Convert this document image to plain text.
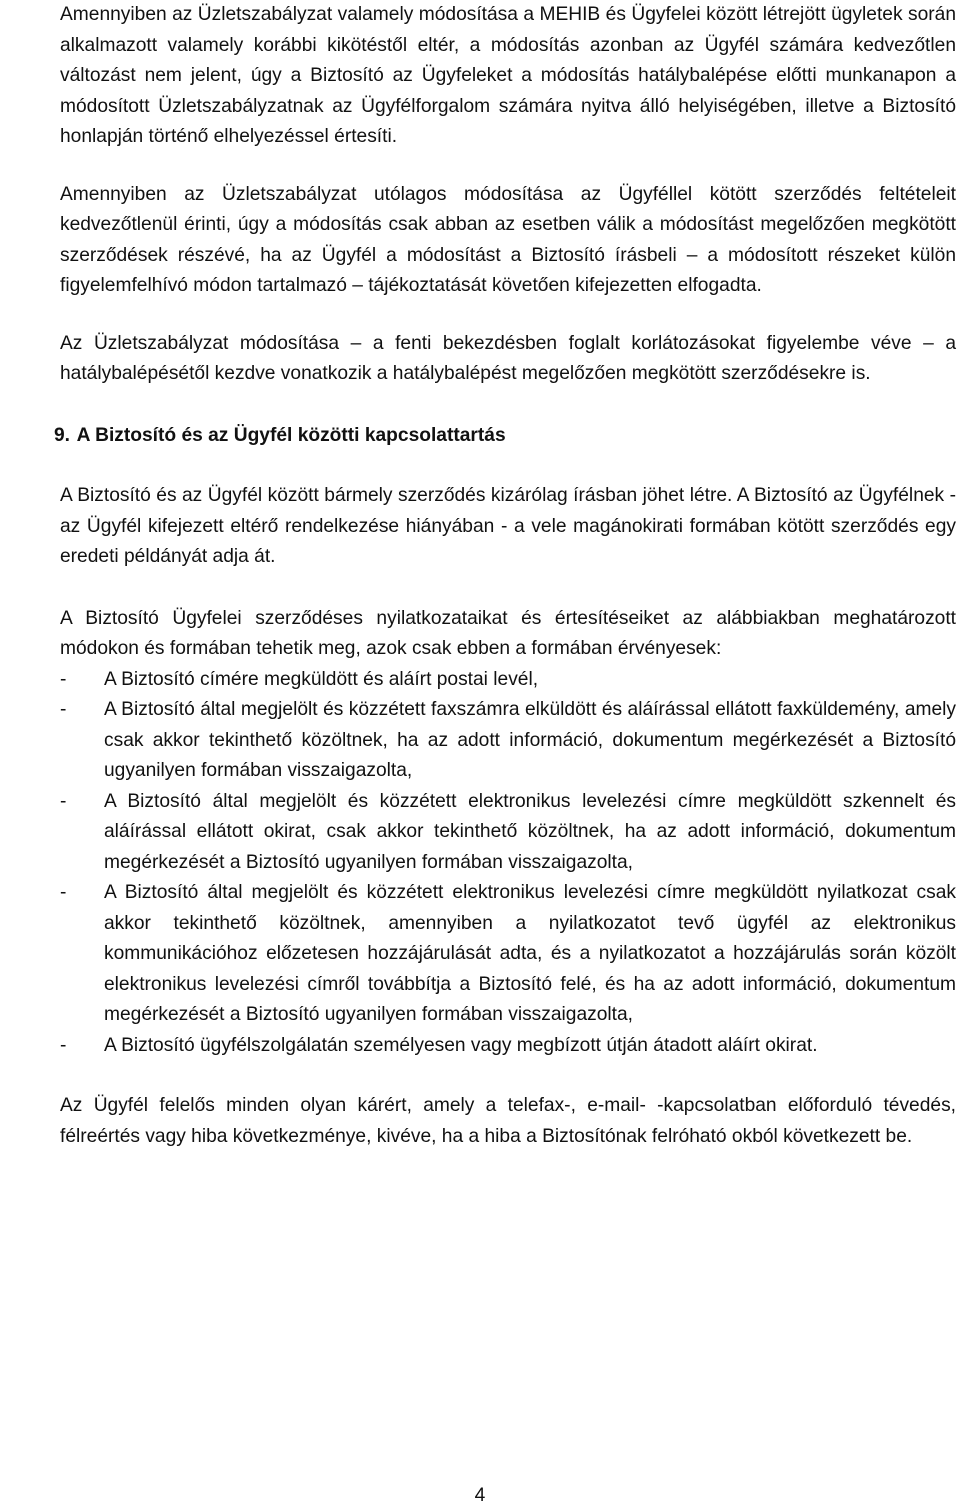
Amennyiben az Üzletszabályzat valamely módosítása a MEHIB és Ügyfelei között létrejött ügyletek során alkalmazott valamely korábbi kikötéstől eltér, a módosítás azonban az Ügyfél számára kedvezőtlen változást nem jelent, úgy a Biztosító az Ügyfeleket a módosítás hatálybalépése előtti munkanapon a módosított Üzletszabályzatnak az Ügyfélforgalom számára nyitva álló helyiségében, illetve a Biztosító honlapján történő elhelyezéssel értesíti.

Amennyiben az Üzletszabályzat utólagos módosítása az Ügyféllel kötött szerződés feltételeit kedvezőtlenül érinti, úgy a módosítás csak abban az esetben válik a módosítást megelőzően megkötött szerződések részévé, ha az Ügyfél a módosítást a Biztosító írásbeli – a módosított részeket külön figyelemfelhívó módon tartalmazó – tájékoztatását követően kifejezetten elfogadta.

Az Üzletszabályzat módosítása – a fenti bekezdésben foglalt korlátozásokat figyelembe véve – a hatálybalépésétől kezdve vonatkozik a hatálybalépést megelőzően megkötött szerződésekre is.

9. A Biztosító és az Ügyfél közötti kapcsolattartás

A Biztosító és az Ügyfél között bármely szerződés kizárólag írásban jöhet létre. A Biztosító az Ügyfélnek - az Ügyfél kifejezett eltérő rendelkezése hiányában - a vele magánokirati formában kötött szerződés egy eredeti példányát adja át.

A Biztosító Ügyfelei szerződéses nyilatkozataikat és értesítéseiket az alábbiakban meghatározott módokon és formában tehetik meg, azok csak ebben a formában érvényesek:

- A Biztosító címére megküldött és aláírt postai levél,
- A Biztosító által megjelölt és közzétett faxszámra elküldött és aláírással ellátott faxküldemény, amely csak akkor tekinthető közöltnek, ha az adott információ, dokumentum megérkezését a Biztosító ugyanilyen formában visszaigazolta,
- A Biztosító által megjelölt és közzétett elektronikus levelezési címre megküldött szkennelt és aláírással ellátott okirat, csak akkor tekinthető közöltnek, ha az adott információ, dokumentum megérkezését a Biztosító ugyanilyen formában visszaigazolta,
- A Biztosító által megjelölt és közzétett elektronikus levelezési címre megküldött nyilatkozat csak akkor tekinthető közöltnek, amennyiben a nyilatkozatot tevő ügyfél az elektronikus kommunikációhoz előzetesen hozzájárulását adta, és a nyilatkozatot a hozzájárulás során közölt elektronikus levelezési címről továbbítja a Biztosító felé, és ha az adott információ, dokumentum megérkezését a Biztosító ugyanilyen formában visszaigazolta,
- A Biztosító ügyfélszolgálatán személyesen vagy megbízott útján átadott aláírt okirat.

Az Ügyfél felelős minden olyan kárért, amely a telefax-, e-mail- -kapcsolatban előforduló tévedés, félreértés vagy hiba következménye, kivéve, ha a hiba a Biztosítónak felróható okból következett be.

4
